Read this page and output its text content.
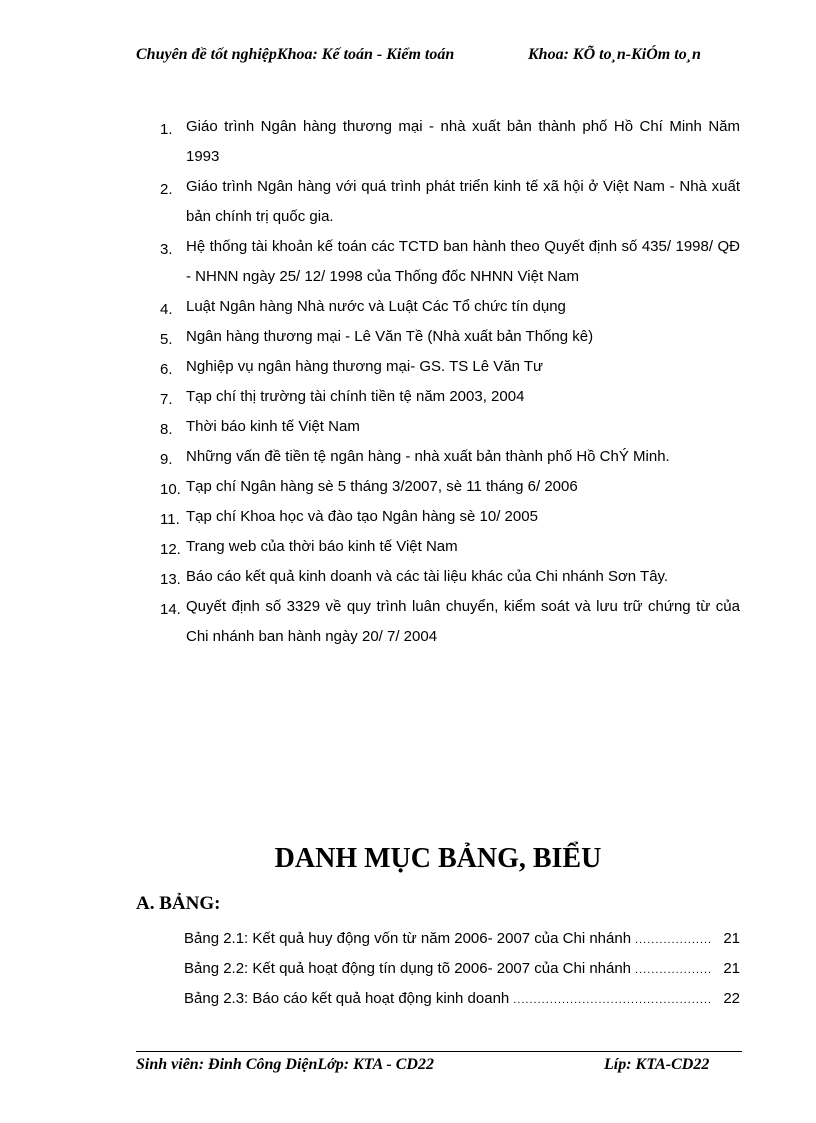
Chuyên đề tốt nghiệpKhoa: Kế toán - Kiểm toán	Khoa: KÕ to¸n-KiÓm to¸n
1. Giáo trình Ngân hàng thương mại - nhà xuất bản thành phố Hồ Chí Minh Năm 1993
2. Giáo trình Ngân hàng với quá trình phát triển kinh tế xã hội ở Việt Nam - Nhà xuất bản chính trị quốc gia.
3. Hệ thống tài khoản kế toán các TCTD ban hành theo Quyết định số 435/ 1998/ QĐ - NHNN ngày 25/ 12/ 1998 của Thống đốc NHNN Việt Nam
4. Luật Ngân hàng Nhà nước và Luật Các Tổ chức tín dụng
5. Ngân hàng thương mại - Lê Văn Tề (Nhà xuất bản Thống kê)
6. Nghiệp vụ ngân hàng thương mại- GS. TS Lê Văn Tư
7. Tạp chí thị trường tài chính tiền tệ năm 2003, 2004
8. Thời báo kinh tế Việt Nam
9. Những vấn đề tiền tệ ngân hàng - nhà xuất bản thành phố Hồ ChÝ Minh.
10. Tạp chí Ngân hàng sè 5 tháng 3/2007, sè 11 tháng 6/ 2006
11. Tạp chí Khoa học và đào tạo Ngân hàng sè 10/ 2005
12. Trang web của thời báo kinh tế Việt Nam
13. Báo cáo kết quả kinh doanh và các tài liệu khác của Chi nhánh Sơn Tây.
14. Quyết định số 3329 về quy trình luân chuyển, kiểm soát và lưu trữ chứng từ của Chi nhánh ban hành ngày 20/ 7/ 2004
DANH MỤC BẢNG, BIỂU
A. BẢNG:
Bảng 2.1: Kết quả huy động vốn từ năm 2006- 2007 của Chi nhánh .....	21
Bảng 2.2: Kết quả hoạt động tín dụng tõ 2006- 2007 của Chi nhánh .....	21
Bảng 2.3: Báo cáo kết quả hoạt động kinh doanh .....	22
Sinh viên: Đinh Công DiệnLớp: KTA - CD22	Líp: KTA-CD22
